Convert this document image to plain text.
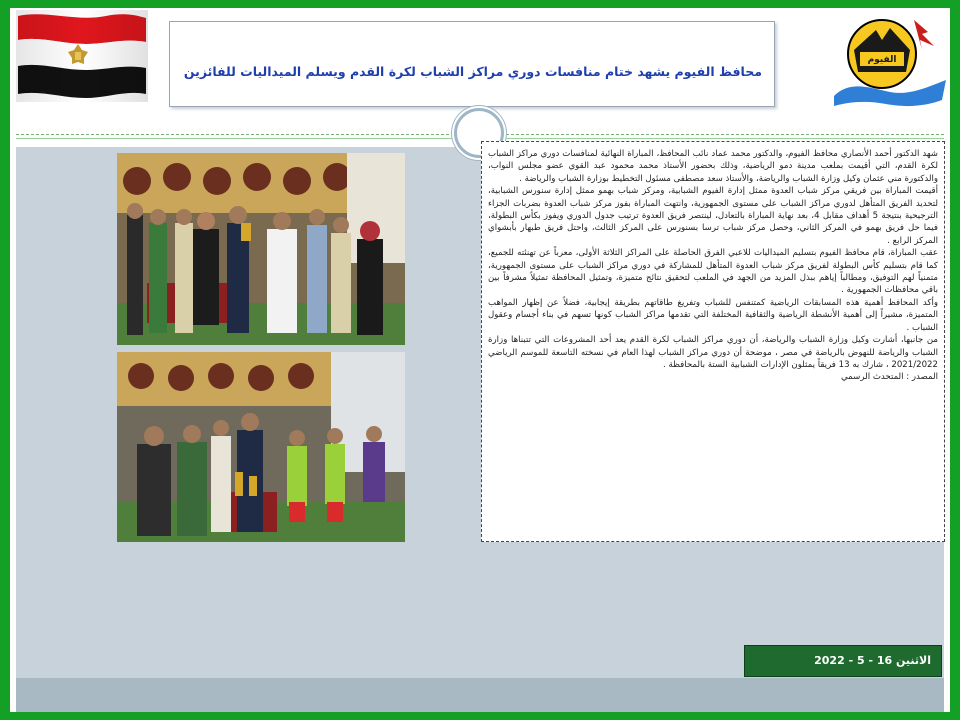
الفيوم
محافظ الفيوم يشهد ختام منافسات دوري مراكز الشباب لكرة القدم ويسلم الميداليات للفائزين

شهد الدكتور أحمد الأنصاري محافظ الفيوم، والدكتور محمد عماد نائب المحافظ، المباراة النهائية لمنافسات دوري مراكز الشباب لكرة القدم، التي أقيمت بملعب مدينة دمو الرياضية، وذلك بحضور الأستاذ محمد محمود عبد القوي عضو مجلس النواب، والدكتورة مني عثمان وكيل وزارة الشباب والرياضة، والأستاذ سعد مصطفى مسئول التخطيط بوزارة الشباب والرياضة .

أقيمت المباراة بين فريقي مركز شباب العدوة ممثل إدارة الفيوم الشبابية، ومركز شباب بهمو ممثل إدارة سنورس الشبابية، لتحديد الفريق المتأهل لدوري مراكز الشباب على مستوى الجمهورية، وانتهت المباراة بفوز مركز شباب العدوة بضربات الجزاء الترجيحية بنتيجة 5 أهداف مقابل 4، بعد نهاية المباراة بالتعادل، لينتصر فريق العدوة ترتيب جدول الدوري ويفوز بكأس البطولة، فيما حل فريق بهمو في المركز الثاني، وحصل مركز شباب ترسا بسنورس على المركز الثالث، واحتل فريق طبهار بأبشواي المركز الرابع .

عقب المباراة، قام محافظ الفيوم بتسليم الميداليات للاعبي الفرق الحاصلة على المراكز الثلاثة الأولى، معرباً عن تهنئته للجميع، كما قام بتسليم كأس البطولة لفريق مركز شباب العدوة المتأهل للمشاركة في دوري مراكز الشباب على مستوى الجمهورية، متمنياً لهم التوفيق، ومطالباً إياهم ببذل المزيد من الجهد في الملعب لتحقيق نتائج متميزة، وتمثيل المحافظة تمثيلاً مشرفاً بين باقي محافظات الجمهورية .

وأكد المحافظ أهمية هذه المسابقات الرياضية كمتنفس للشباب وتفريغ طاقاتهم بطريقة إيجابية، فضلاً عن إظهار المواهب المتميزة، مشيراً إلى أهمية الأنشطة الرياضية والثقافية المختلفة التي تقدمها مراكز الشباب كونها تسهم في بناء أجسام وعقول الشباب .

من جانبها، أشارت وكيل وزارة الشباب والرياضة، أن دوري مراكز الشباب لكرة القدم يعد أحد المشروعات التي تتبناها وزارة الشباب والرياضة للنهوض بالرياضة في مصر ، موضحة أن دوري مراكز الشباب لهذا العام في نسخته التاسعة للموسم الرياضي 2021/2022 ، شارك به 13 فريقاً يمثلون الإدارات الشبابية الستة بالمحافظة .

المصدر : المتحدث الرسمي

الاثنين 16 - 5 - 2022
